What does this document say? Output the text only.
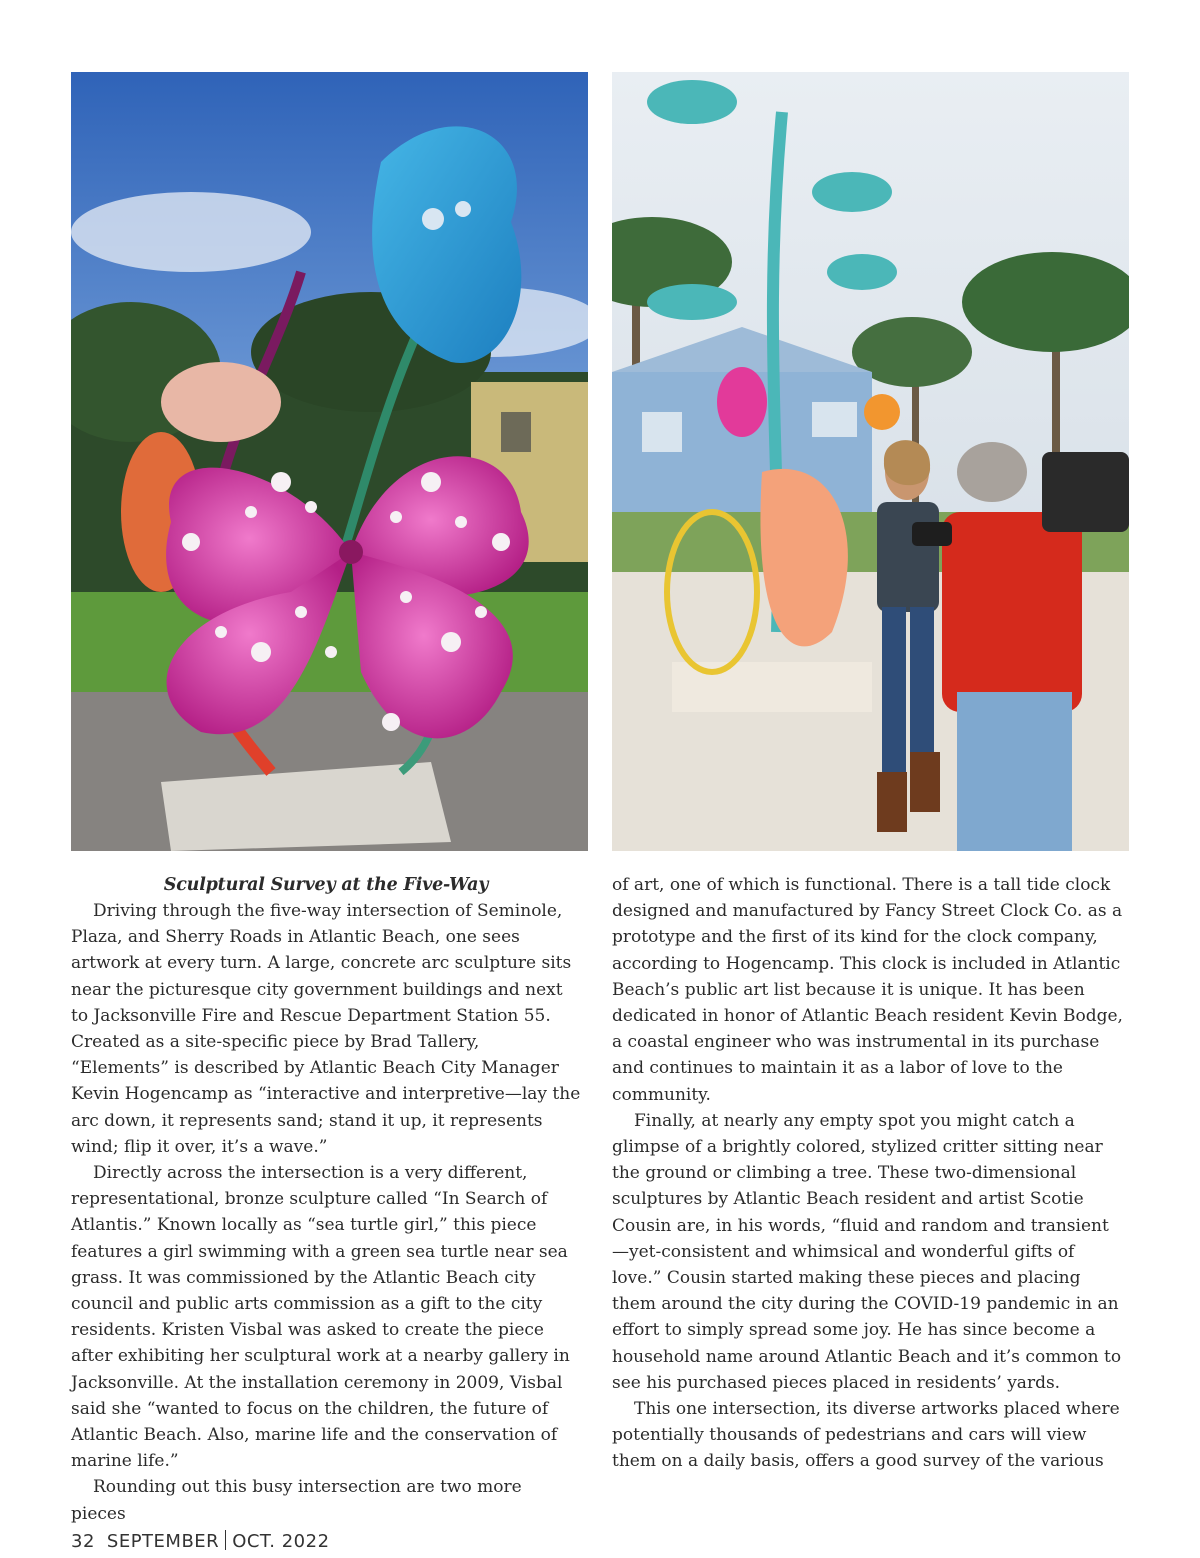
Sculptural Survey at the Five-Way

Driving through the five-way intersection of Seminole, Plaza, and Sherry Roads in Atlantic Beach, one sees artwork at every turn. A large, concrete arc sculpture sits near the picturesque city government buildings and next to Jacksonville Fire and Rescue Department Station 55. Created as a site-specific piece by Brad Tallery, “Elements” is described by Atlantic Beach City Manager Kevin Hogencamp as “interactive and interpretive—lay the arc down, it represents sand; stand it up, it represents wind; flip it over, it’s a wave.”

Directly across the intersection is a very different, representational, bronze sculpture called “In Search of Atlantis.” Known locally as “sea turtle girl,” this piece features a girl swimming with a green sea turtle near sea grass. It was commissioned by the Atlantic Beach city council and public arts commission as a gift to the city residents. Kristen Visbal was asked to create the piece after exhibiting her sculptural work at a nearby gallery in Jacksonville. At the installation ceremony in 2009, Visbal said she “wanted to focus on the children, the future of Atlantic Beach. Also, marine life and the conservation of marine life.”

Rounding out this busy intersection are two more pieces

of art, one of which is functional. There is a tall tide clock designed and manufactured by Fancy Street Clock Co. as a prototype and the first of its kind for the clock company, according to Hogencamp. This clock is included in Atlantic Beach’s public art list because it is unique. It has been dedicated in honor of Atlantic Beach resident Kevin Bodge, a coastal engineer who was instrumental in its purchase and continues to maintain it as a labor of love to the community.

Finally, at nearly any empty spot you might catch a glimpse of a brightly colored, stylized critter sitting near the ground or climbing a tree. These two-dimensional sculptures by Atlantic Beach resident and artist Scotie Cousin are, in his words, “fluid and random and transient—yet-consistent and whimsical and wonderful gifts of love.” Cousin started making these pieces and placing them around the city during the COVID-19 pandemic in an effort to simply spread some joy. He has since become a household name around Atlantic Beach and it’s common to see his purchased pieces placed in residents’ yards.

This one intersection, its diverse artworks placed where potentially thousands of pedestrians and cars will view them on a daily basis, offers a good survey of the various

32 SEPTEMBER OCT. 2022
